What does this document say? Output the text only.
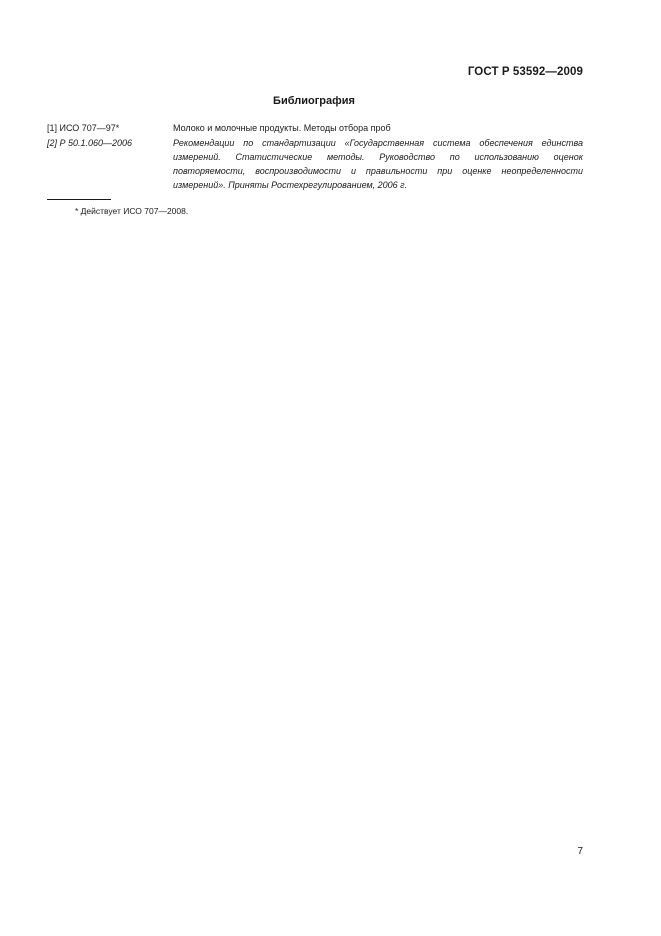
ГОСТ Р 53592—2009
Библиография
[1] ИСО 707—97*	Молоко и молочные продукты. Методы отбора проб
[2] Р 50.1.060—2006	Рекомендации по стандартизации «Государственная система обеспечения единства измерений. Статистические методы. Руководство по использованию оценок повторяемости, воспроизводимости и правильности при оценке неопределенности измерений». Приняты Ростехрегулированием, 2006 г.
* Действует ИСО 707—2008.
7
